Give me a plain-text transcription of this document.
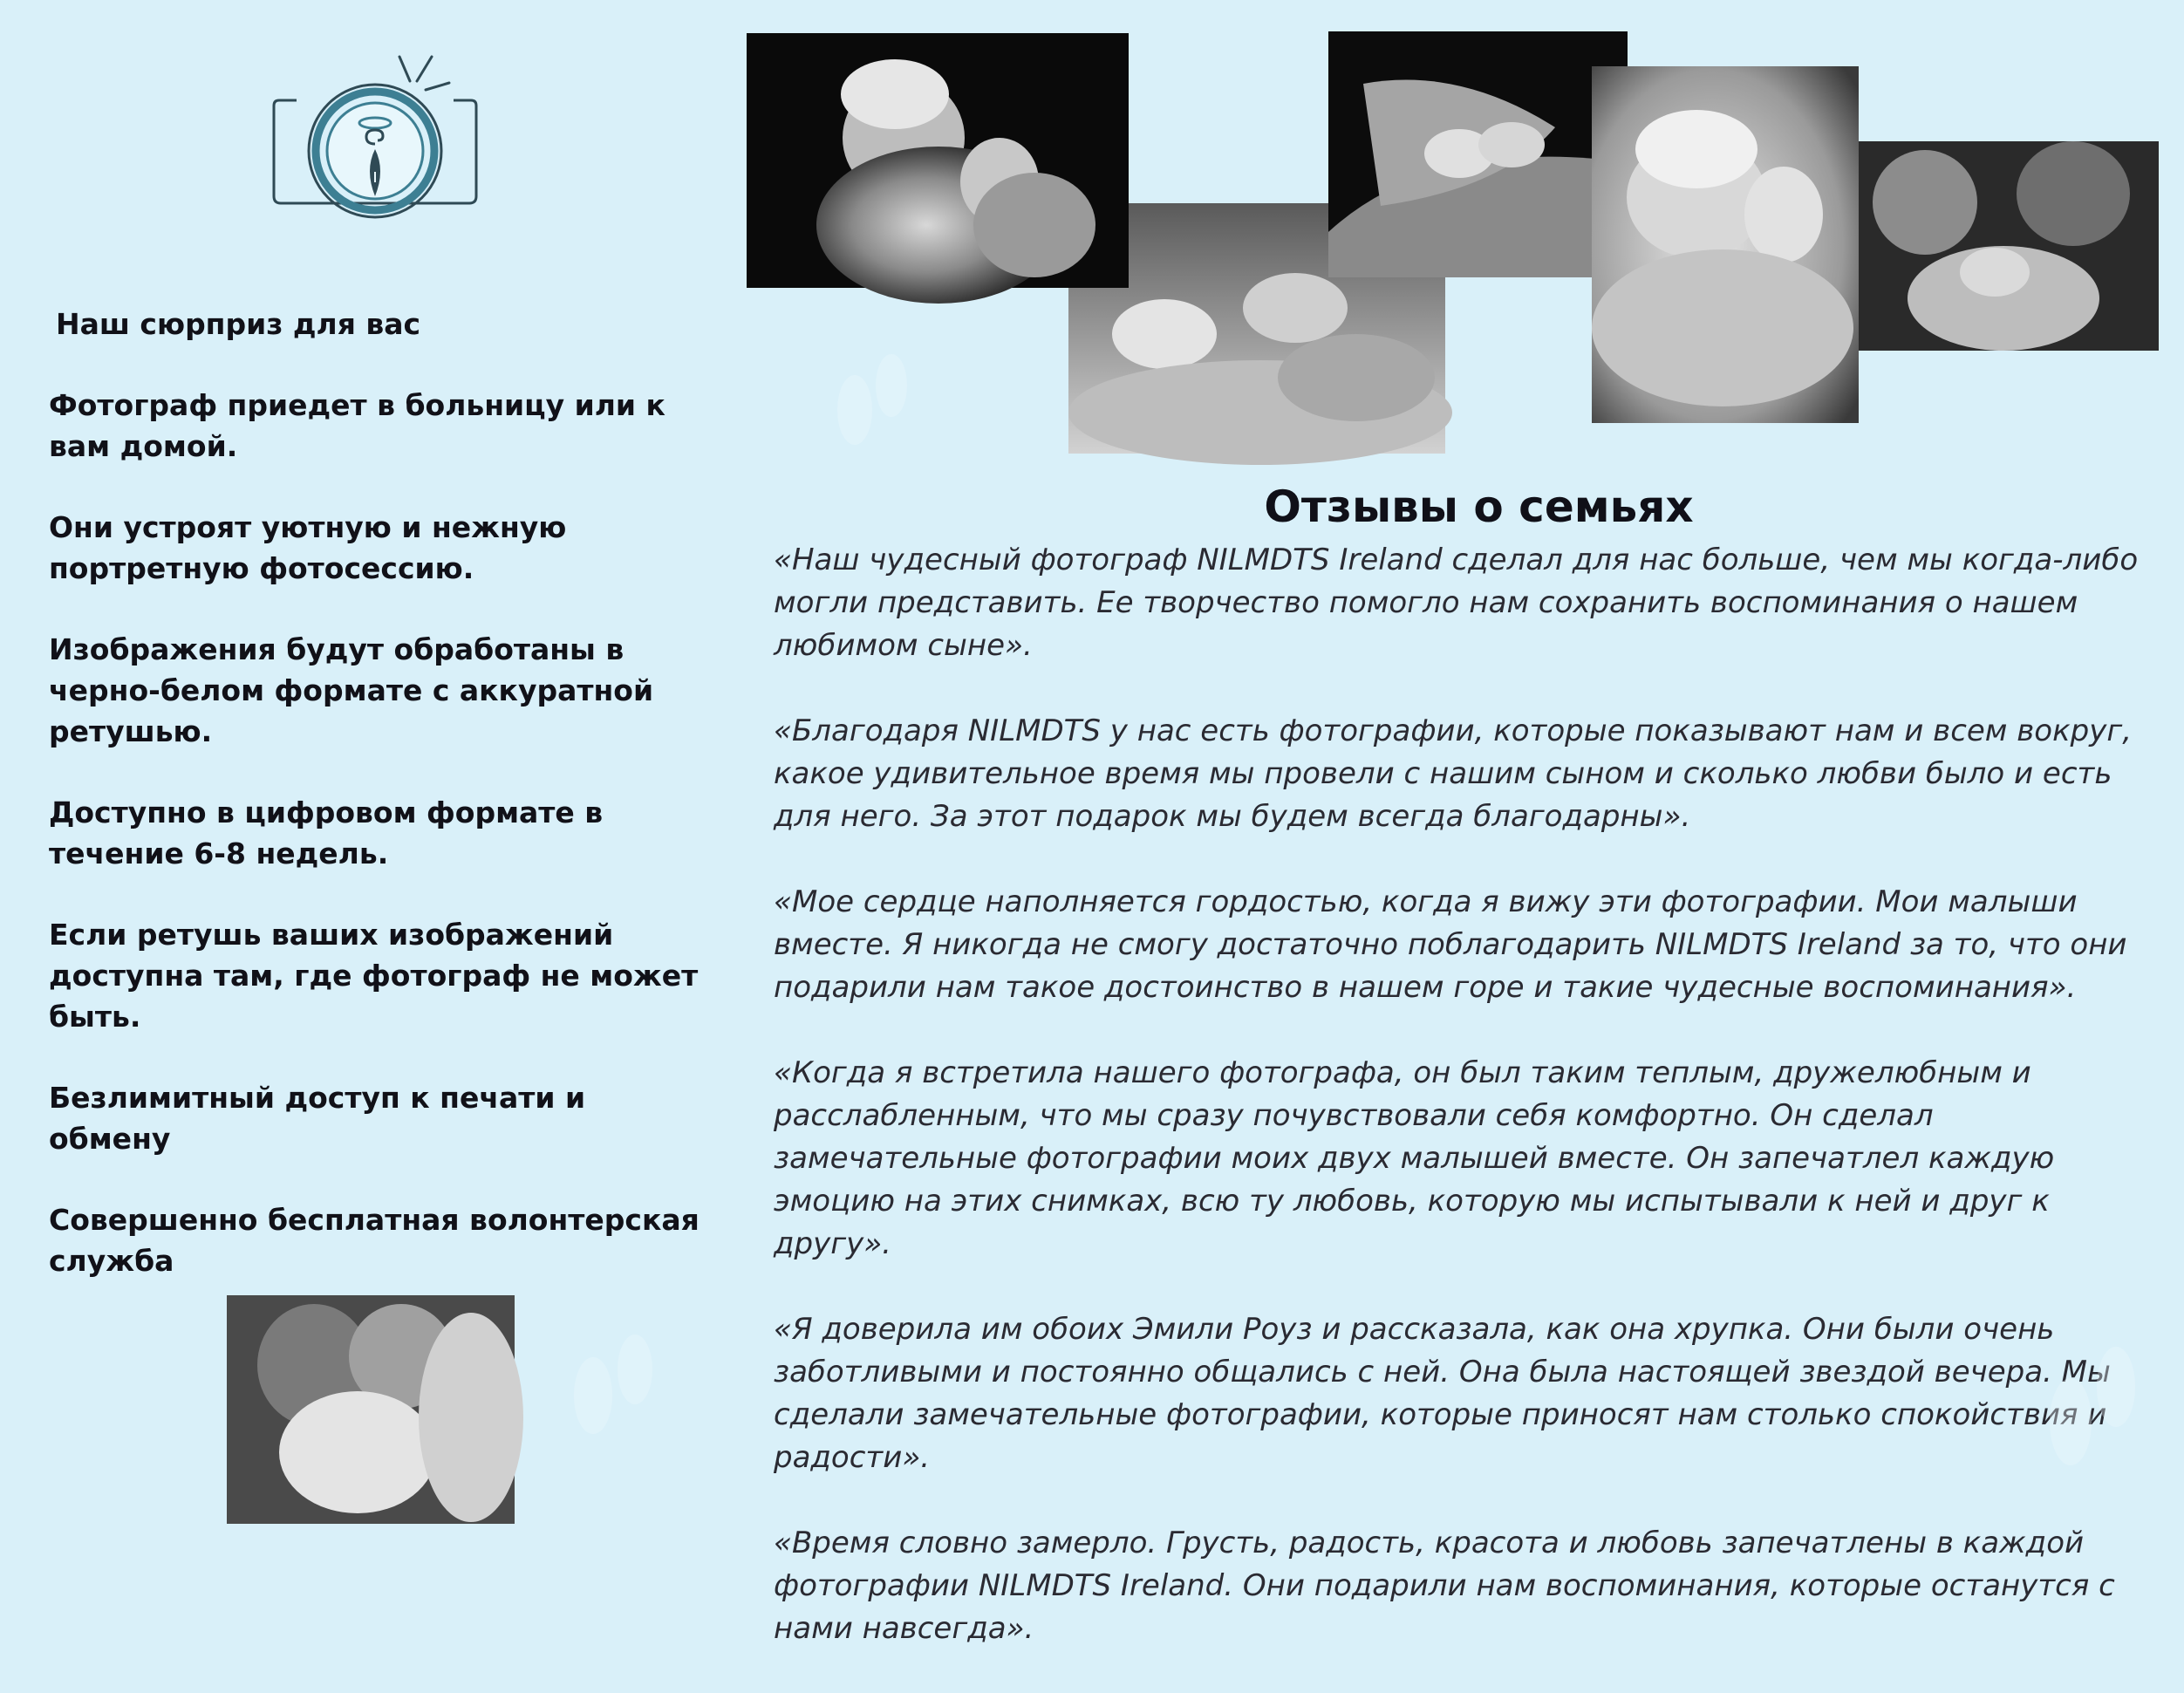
Наш сюрприз для вас

Фотограф приедет в больницу или к вам домой.

Они устроят уютную и нежную портретную фотосессию.

Изображения будут обработаны в черно-белом формате с аккуратной ретушью.

Доступно в цифровом формате в течение 6-8 недель.

Если ретушь ваших изображений доступна там, где фотограф не может быть.

Безлимитный доступ к печати и обмену

Совершенно бесплатная волонтерская служба

Отзывы о семьях

«Наш чудесный фотограф NILMDTS Ireland сделал для нас больше, чем мы когда-либо могли представить. Ее творчество помогло нам сохранить воспоминания о нашем любимом сыне».

«Благодаря NILMDTS у нас есть фотографии, которые показывают нам и всем вокруг, какое удивительное время мы провели с нашим сыном и сколько любви было и есть для него. За этот подарок мы будем всегда благодарны».

«Мое сердце наполняется гордостью, когда я вижу эти фотографии. Мои малыши вместе. Я никогда не смогу достаточно поблагодарить NILMDTS Ireland за то, что они подарили нам такое достоинство в нашем горе и такие чудесные воспоминания».

«Когда я встретила нашего фотографа, он был таким теплым, дружелюбным и расслабленным, что мы сразу почувствовали себя комфортно. Он сделал замечательные фотографии моих двух малышей вместе. Он запечатлел каждую эмоцию на этих снимках, всю ту любовь, которую мы испытывали к ней и друг к другу».

«Я доверила им обоих Эмили Роуз и рассказала, как она хрупка. Они были очень заботливыми и постоянно общались с ней. Она была настоящей звездой вечера. Мы сделали замечательные фотографии, которые приносят нам столько спокойствия и радости».

«Время словно замерло. Грусть, радость, красота и любовь запечатлены в каждой фотографии NILMDTS Ireland. Они подарили нам воспоминания, которые останутся с нами навсегда».
